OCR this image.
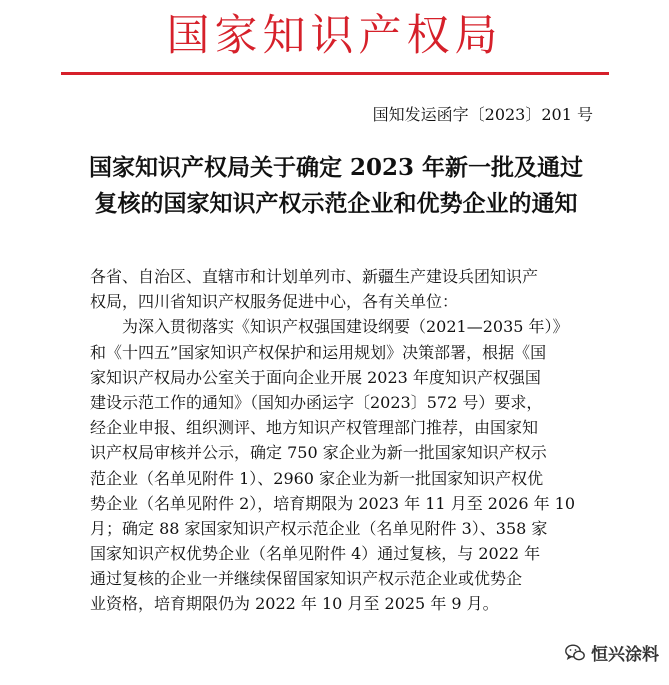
国家知识产权局
国知发运函字〔2023〕201 号
国家知识产权局关于确定 2023 年新一批及通过
复核的国家知识产权示范企业和优势企业的通知
各省、自治区、直辖市和计划单列市、新疆生产建设兵团知识产
权局，四川省知识产权服务促进中心，各有关单位：
　　为深入贯彻落实《知识产权强国建设纲要（2021—2035 年）》
和《十四五”国家知识产权保护和运用规划》决策部署，根据《国
家知识产权局办公室关于面向企业开展 2023 年度知识产权强国
建设示范工作的通知》（国知办函运字〔2023〕572 号）要求，
经企业申报、组织测评、地方知识产权管理部门推荐，由国家知
识产权局审核并公示，确定 750 家企业为新一批国家知识产权示
范企业（名单见附件 1）、2960 家企业为新一批国家知识产权优
势企业（名单见附件 2），培育期限为 2023 年 11 月至 2026 年 10
月；确定 88 家国家知识产权示范企业（名单见附件 3）、358 家
国家知识产权优势企业（名单见附件 4）通过复核，与 2022 年
通过复核的企业一并继续保留国家知识产权示范企业或优势企
业资格，培育期限仍为 2022 年 10 月至 2025 年 9 月。
恒兴涂料
